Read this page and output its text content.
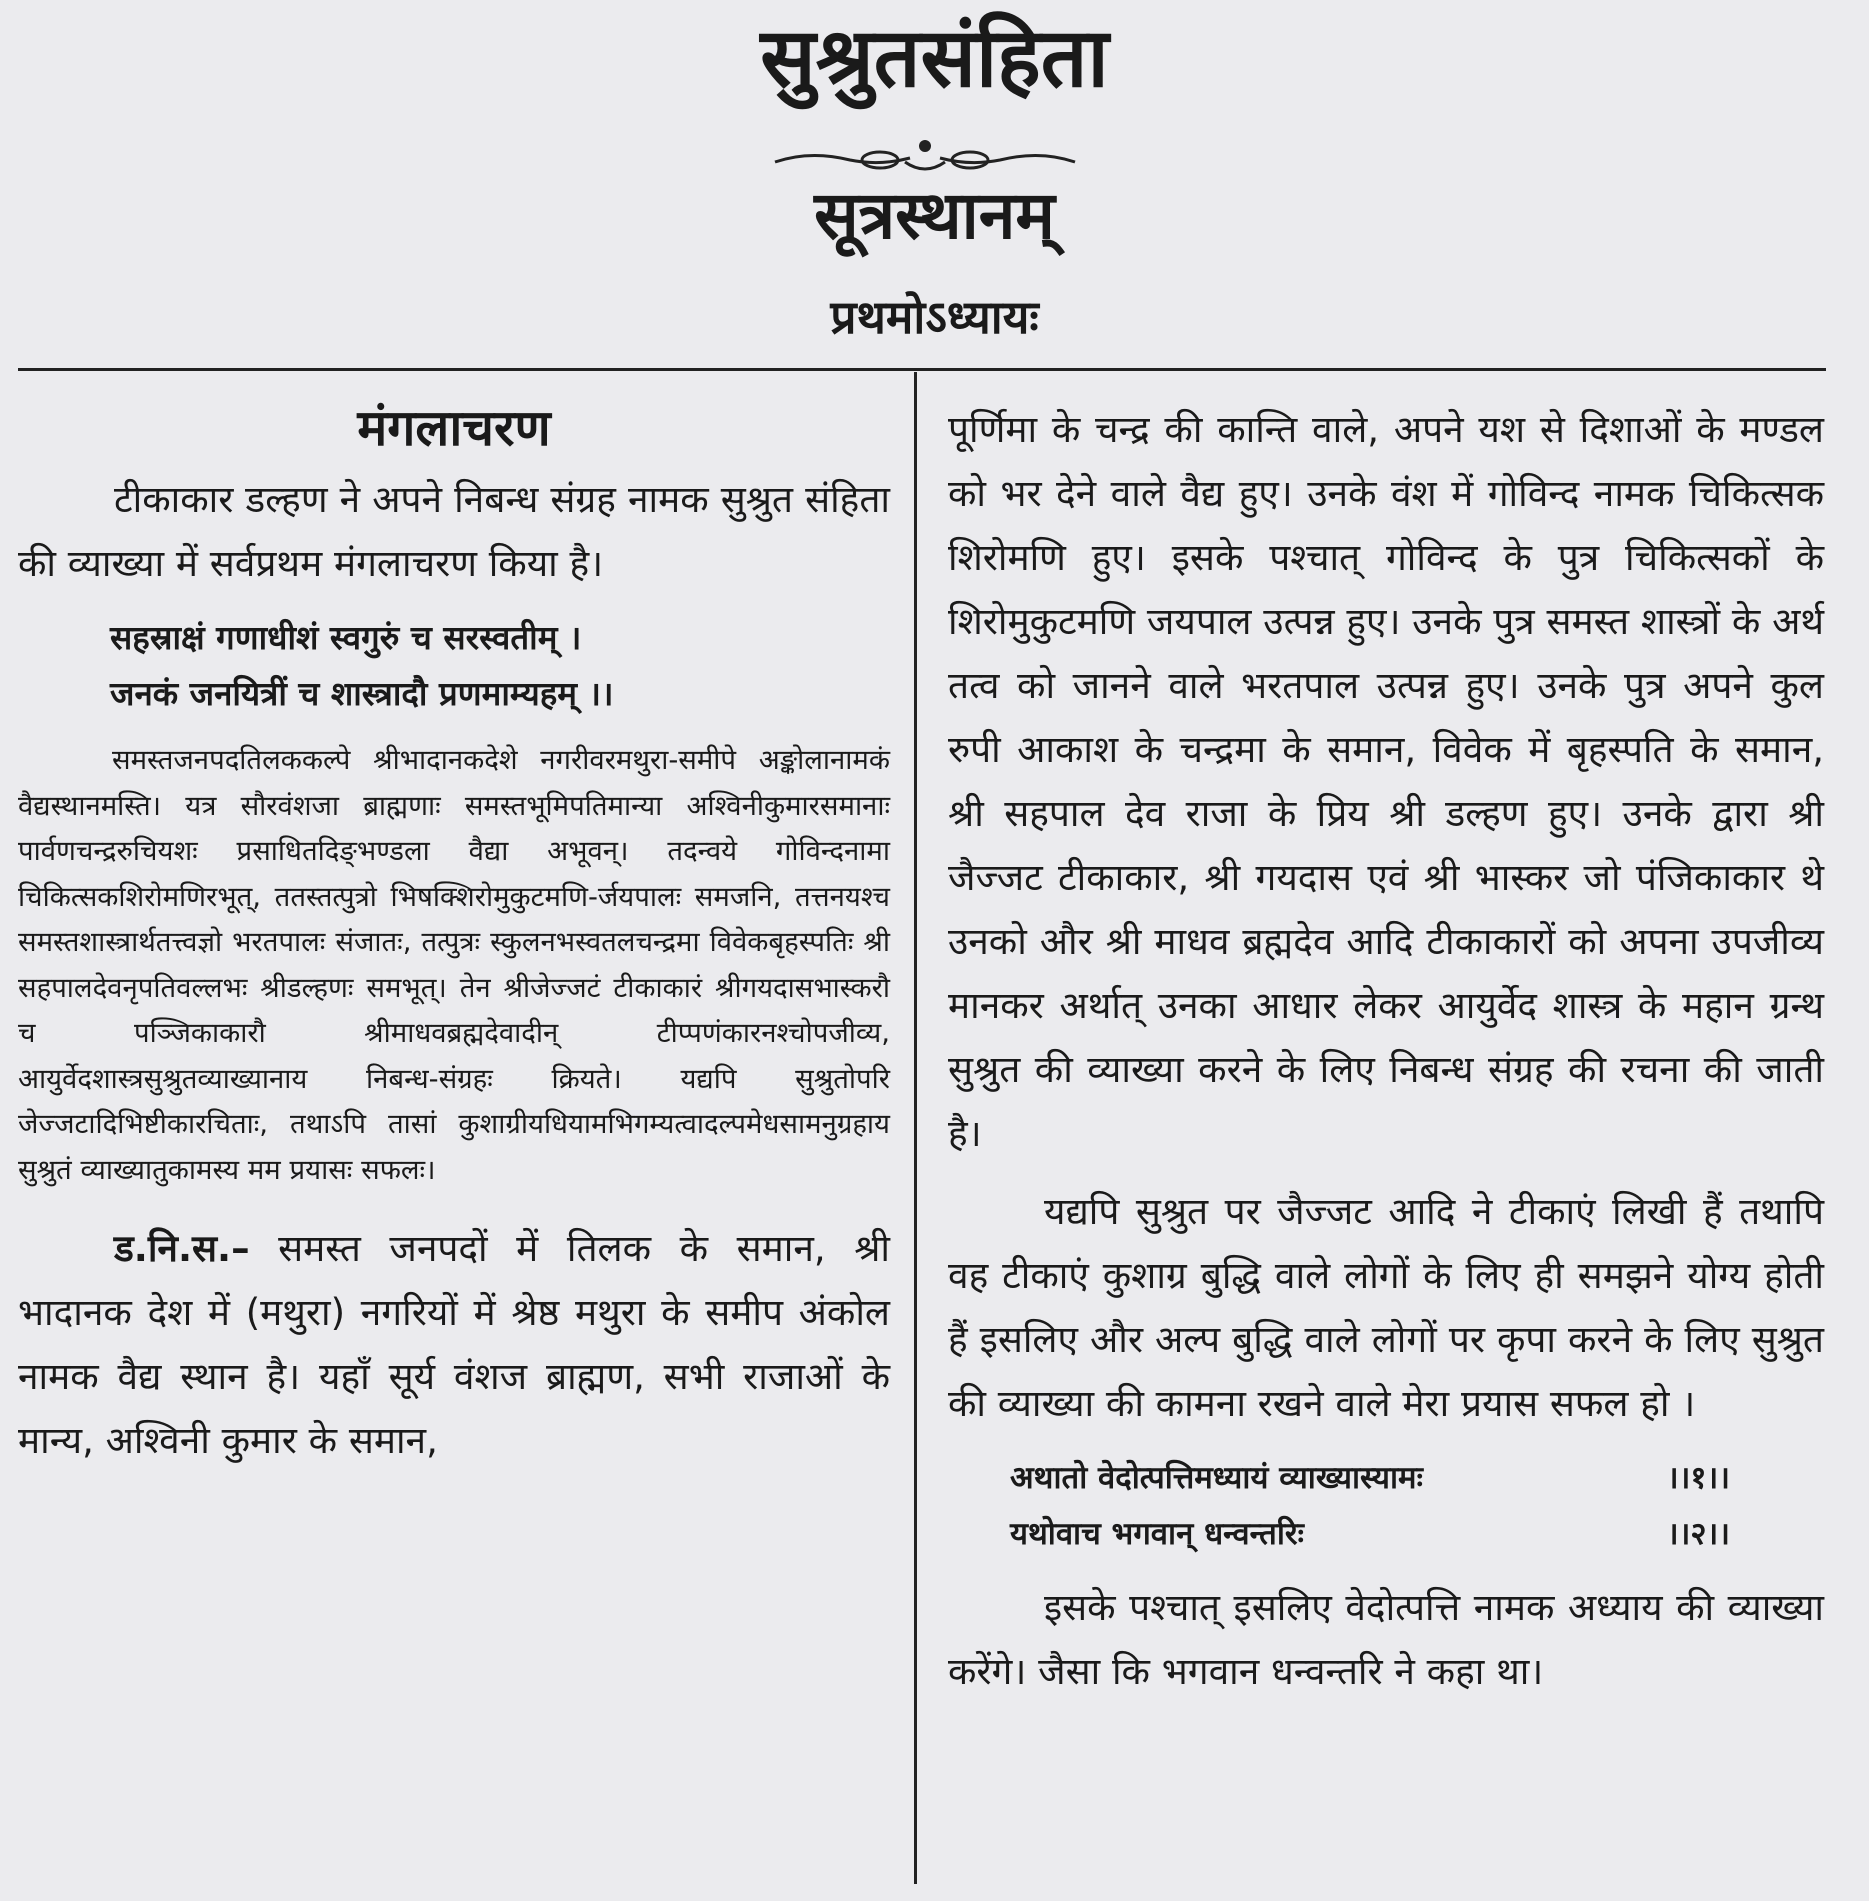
सुश्रुतसंहिता
सूत्रस्थानम्
प्रथमोऽध्यायः
मंगलाचरण

टीकाकार डल्हण ने अपने निबन्ध संग्रह नामक सुश्रुत संहिता की व्याख्या में सर्वप्रथम मंगलाचरण किया है।

सहस्राक्षं गणाधीशं स्वगुरुं च सरस्वतीम् ।
जनकं जनयित्रीं च शास्त्रादौ प्रणमाम्यहम् ।।

समस्तजनपदतिलककल्पे श्रीभादानकदेशे नगरीवरमथुरा-समीपे अङ्कोलानामकं वैद्यस्थानमस्ति। यत्र सौरवंशजा ब्राह्मणाः समस्तभूमिपतिमान्या अश्विनीकुमारसमानाः पार्वणचन्द्ररुचियशः प्रसाधितदिङ्भण्डला वैद्या अभूवन्। तदन्वये गोविन्दनामा चिकित्सकशिरोमणिरभूत्, ततस्तत्पुत्रो भिषक्शिरोमुकुटमणि-र्जयपालः समजनि, तत्तनयश्च समस्तशास्त्रार्थतत्त्वज्ञो भरतपालः संजातः, तत्पुत्रः स्कुलनभस्वतलचन्द्रमा विवेकबृहस्पतिः श्री सहपालदेवनृपतिवल्लभः श्रीडल्हणः समभूत्। तेन श्रीजेज्जटं टीकाकारं श्रीगयदासभास्करौ च पञ्जिकाकारौ श्रीमाधवब्रह्मदेवादीन् टीप्पणंकारनश्चोपजीव्य, आयुर्वेदशास्त्रसुश्रुतव्याख्यानाय निबन्ध-संग्रहः क्रियते। यद्यपि सुश्रुतोपरि जेज्जटादिभिष्टीकारचिताः, तथाऽपि तासां कुशाग्रीयधियामभिगम्यत्वादल्पमेधसामनुग्रहाय सुश्रुतं व्याख्यातुकामस्य मम प्रयासः सफलः।

ड.नि.स.– समस्त जनपदों में तिलक के समान, श्री भादानक देश में (मथुरा) नगरियों में श्रेष्ठ मथुरा के समीप अंकोल नामक वैद्य स्थान है। यहाँ सूर्य वंशज ब्राह्मण, सभी राजाओं के मान्य, अश्विनी कुमार के समान,

पूर्णिमा के चन्द्र की कान्ति वाले, अपने यश से दिशाओं के मण्डल को भर देने वाले वैद्य हुए। उनके वंश में गोविन्द नामक चिकित्सक शिरोमणि हुए। इसके पश्चात् गोविन्द के पुत्र चिकित्सकों के शिरोमुकुटमणि जयपाल उत्पन्न हुए। उनके पुत्र समस्त शास्त्रों के अर्थ तत्व को जानने वाले भरतपाल उत्पन्न हुए। उनके पुत्र अपने कुल रुपी आकाश के चन्द्रमा के समान, विवेक में बृहस्पति के समान, श्री सहपाल देव राजा के प्रिय श्री डल्हण हुए। उनके द्वारा श्री जैज्जट टीकाकार, श्री गयदास एवं श्री भास्कर जो पंजिकाकार थे उनको और श्री माधव ब्रह्मदेव आदि टीकाकारों को अपना उपजीव्य मानकर अर्थात् उनका आधार लेकर आयुर्वेद शास्त्र के महान ग्रन्थ सुश्रुत की व्याख्या करने के लिए निबन्ध संग्रह की रचना की जाती है।

यद्यपि सुश्रुत पर जैज्जट आदि ने टीकाएं लिखी हैं तथापि वह टीकाएं कुशाग्र बुद्धि वाले लोगों के लिए ही समझने योग्य होती हैं इसलिए और अल्प बुद्धि वाले लोगों पर कृपा करने के लिए सुश्रुत की व्याख्या की कामना रखने वाले मेरा प्रयास सफल हो ।

अथातो वेदोत्पत्तिमध्यायं व्याख्यास्यामः	।।१।।
यथोवाच भगवान् धन्वन्तरिः	।।२।।

इसके पश्चात् इसलिए वेदोत्पत्ति नामक अध्याय की व्याख्या करेंगे। जैसा कि भगवान धन्वन्तरि ने कहा था।
